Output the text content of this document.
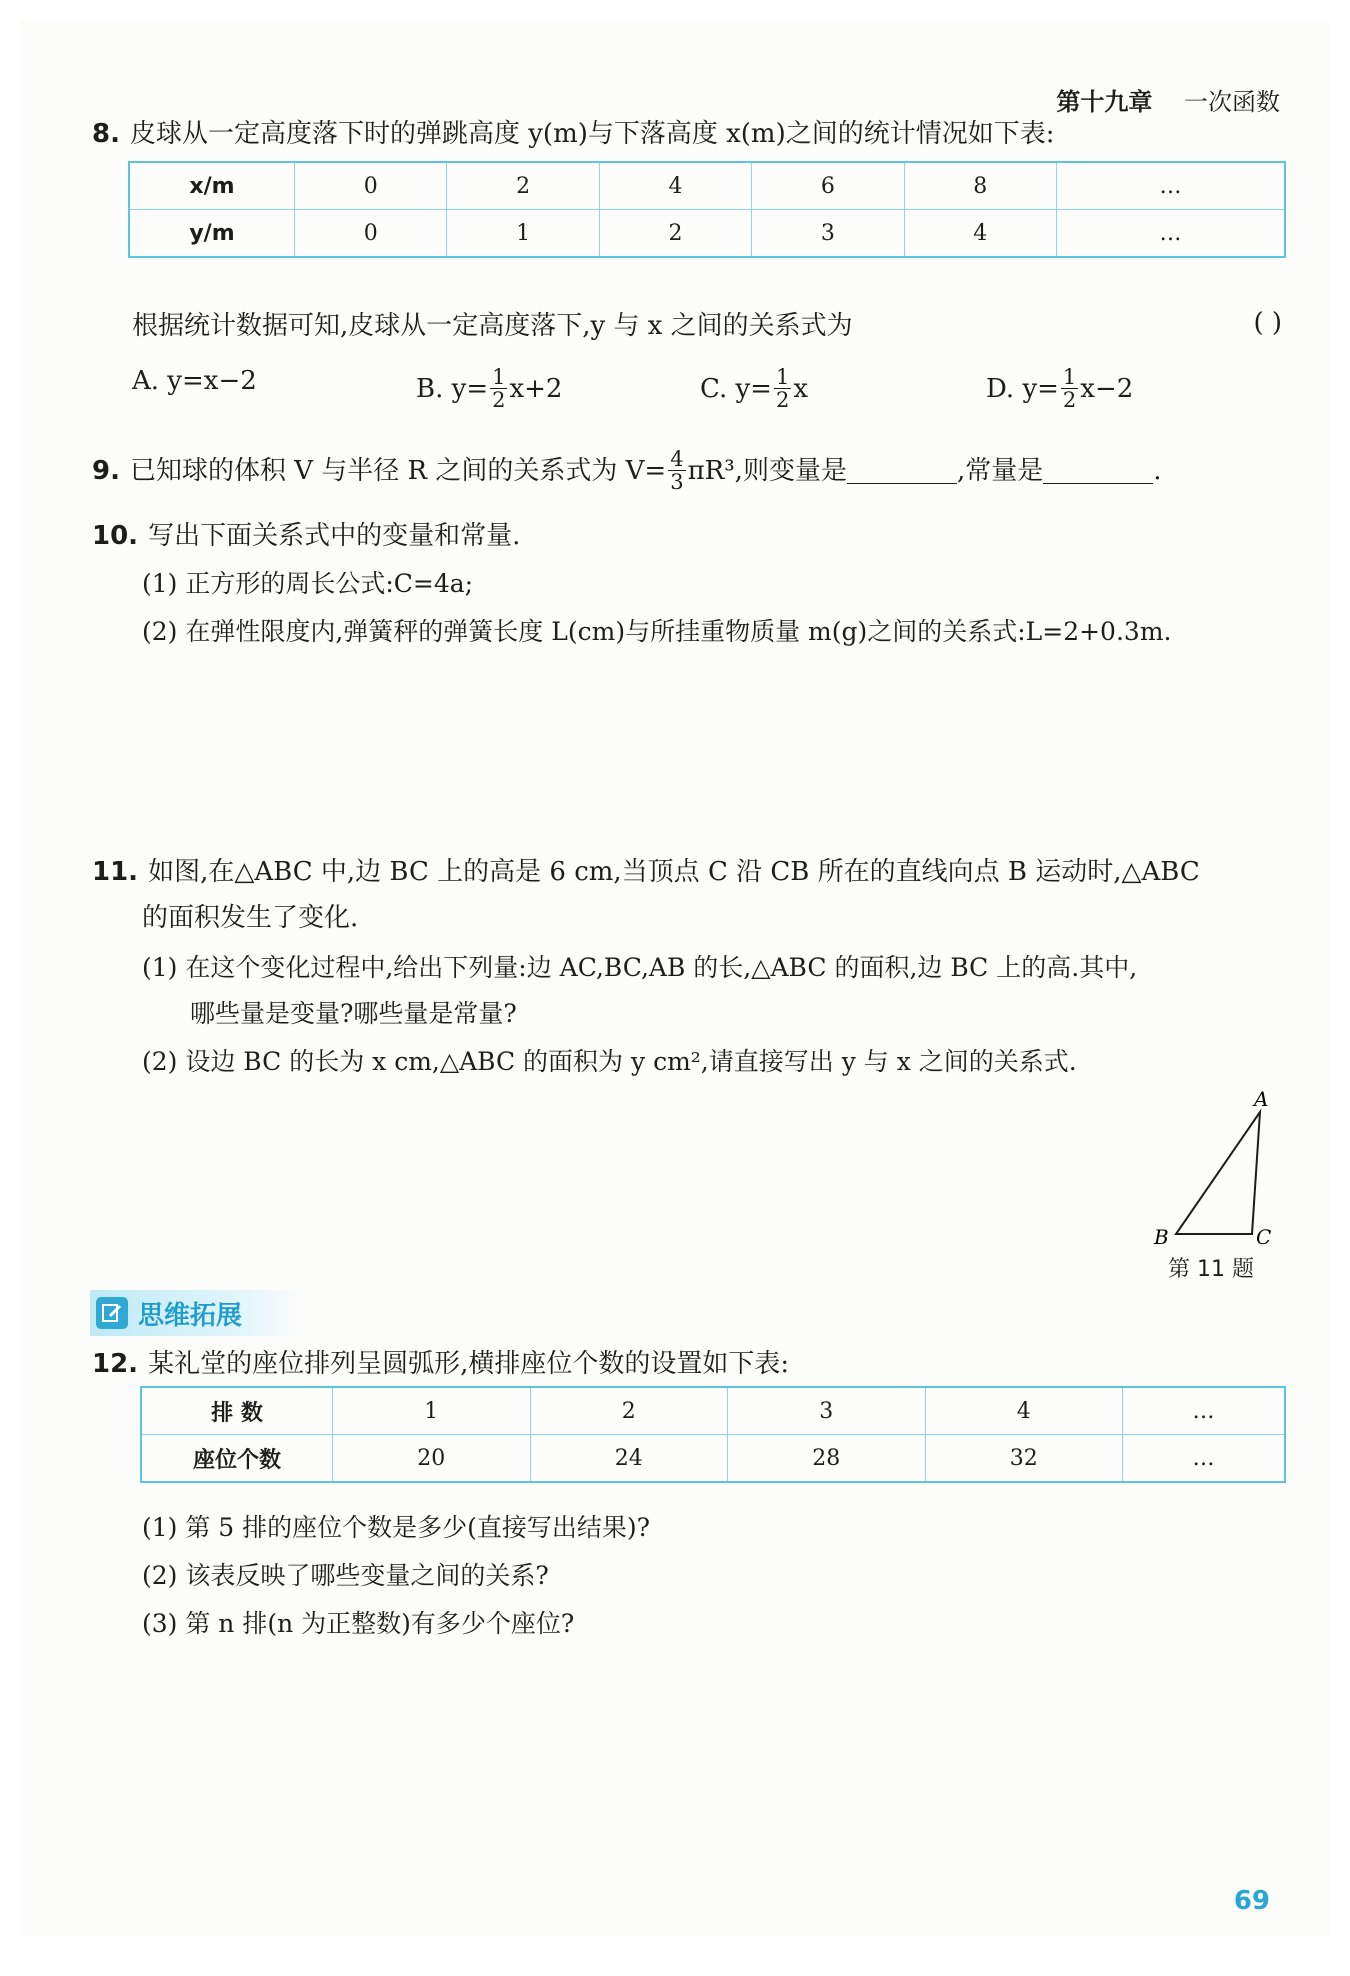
第十九章 一次函数
8. 皮球从一定高度落下时的弹跳高度 y(m)与下落高度 x(m)之间的统计情况如下表:
x/m	0	2	4	6	8	…
y/m	0	1	2	3	4	…
根据统计数据可知,皮球从一定高度落下,y 与 x 之间的关系式为	( )
A. y=x−2	B. $y= \frac{1}{2} x+2$	C. $y= \frac{1}{2}$ x	D. $y= \frac{1}{2} x-2$
9. 已知球的体积 V 与半径 R 之间的关系式为 $V= \frac{4}{3} \pi R^3$,则变量是	,常量是	.
10. 写出下面关系式中的变量和常量.
(1) 正方形的周长公式:C=4a;
(2) 在弹性限度内,弹簧秤的弹簧长度 L(cm)与所挂重物质量 m(g)之间的关系式:L=2+0.3m.
11. 如图,在△ABC 中,边 BC 上的高是 6 cm,当顶点 C 沿 CB 所在的直线向点 B 运动时,△ABC
的面积发生了变化.
(1) 在这个变化过程中,给出下列量:边 AC,BC,AB 的长,△ABC 的面积,边 BC 上的高.其中,
哪些量是变量?哪些量是常量?
(2) 设边 BC 的长为 x cm,△ABC 的面积为 y cm²,请直接写出 y 与 x 之间的关系式.
A
B	C
第 11 题
思维拓展
12. 某礼堂的座位排列呈圆弧形,横排座位个数的设置如下表:
排 数	1	2	3	4	…
座位个数	20	24	28	32	…
(1) 第 5 排的座位个数是多少(直接写出结果)?
(2) 该表反映了哪些变量之间的关系?
(3) 第 n 排(n 为正整数)有多少个座位?
69
